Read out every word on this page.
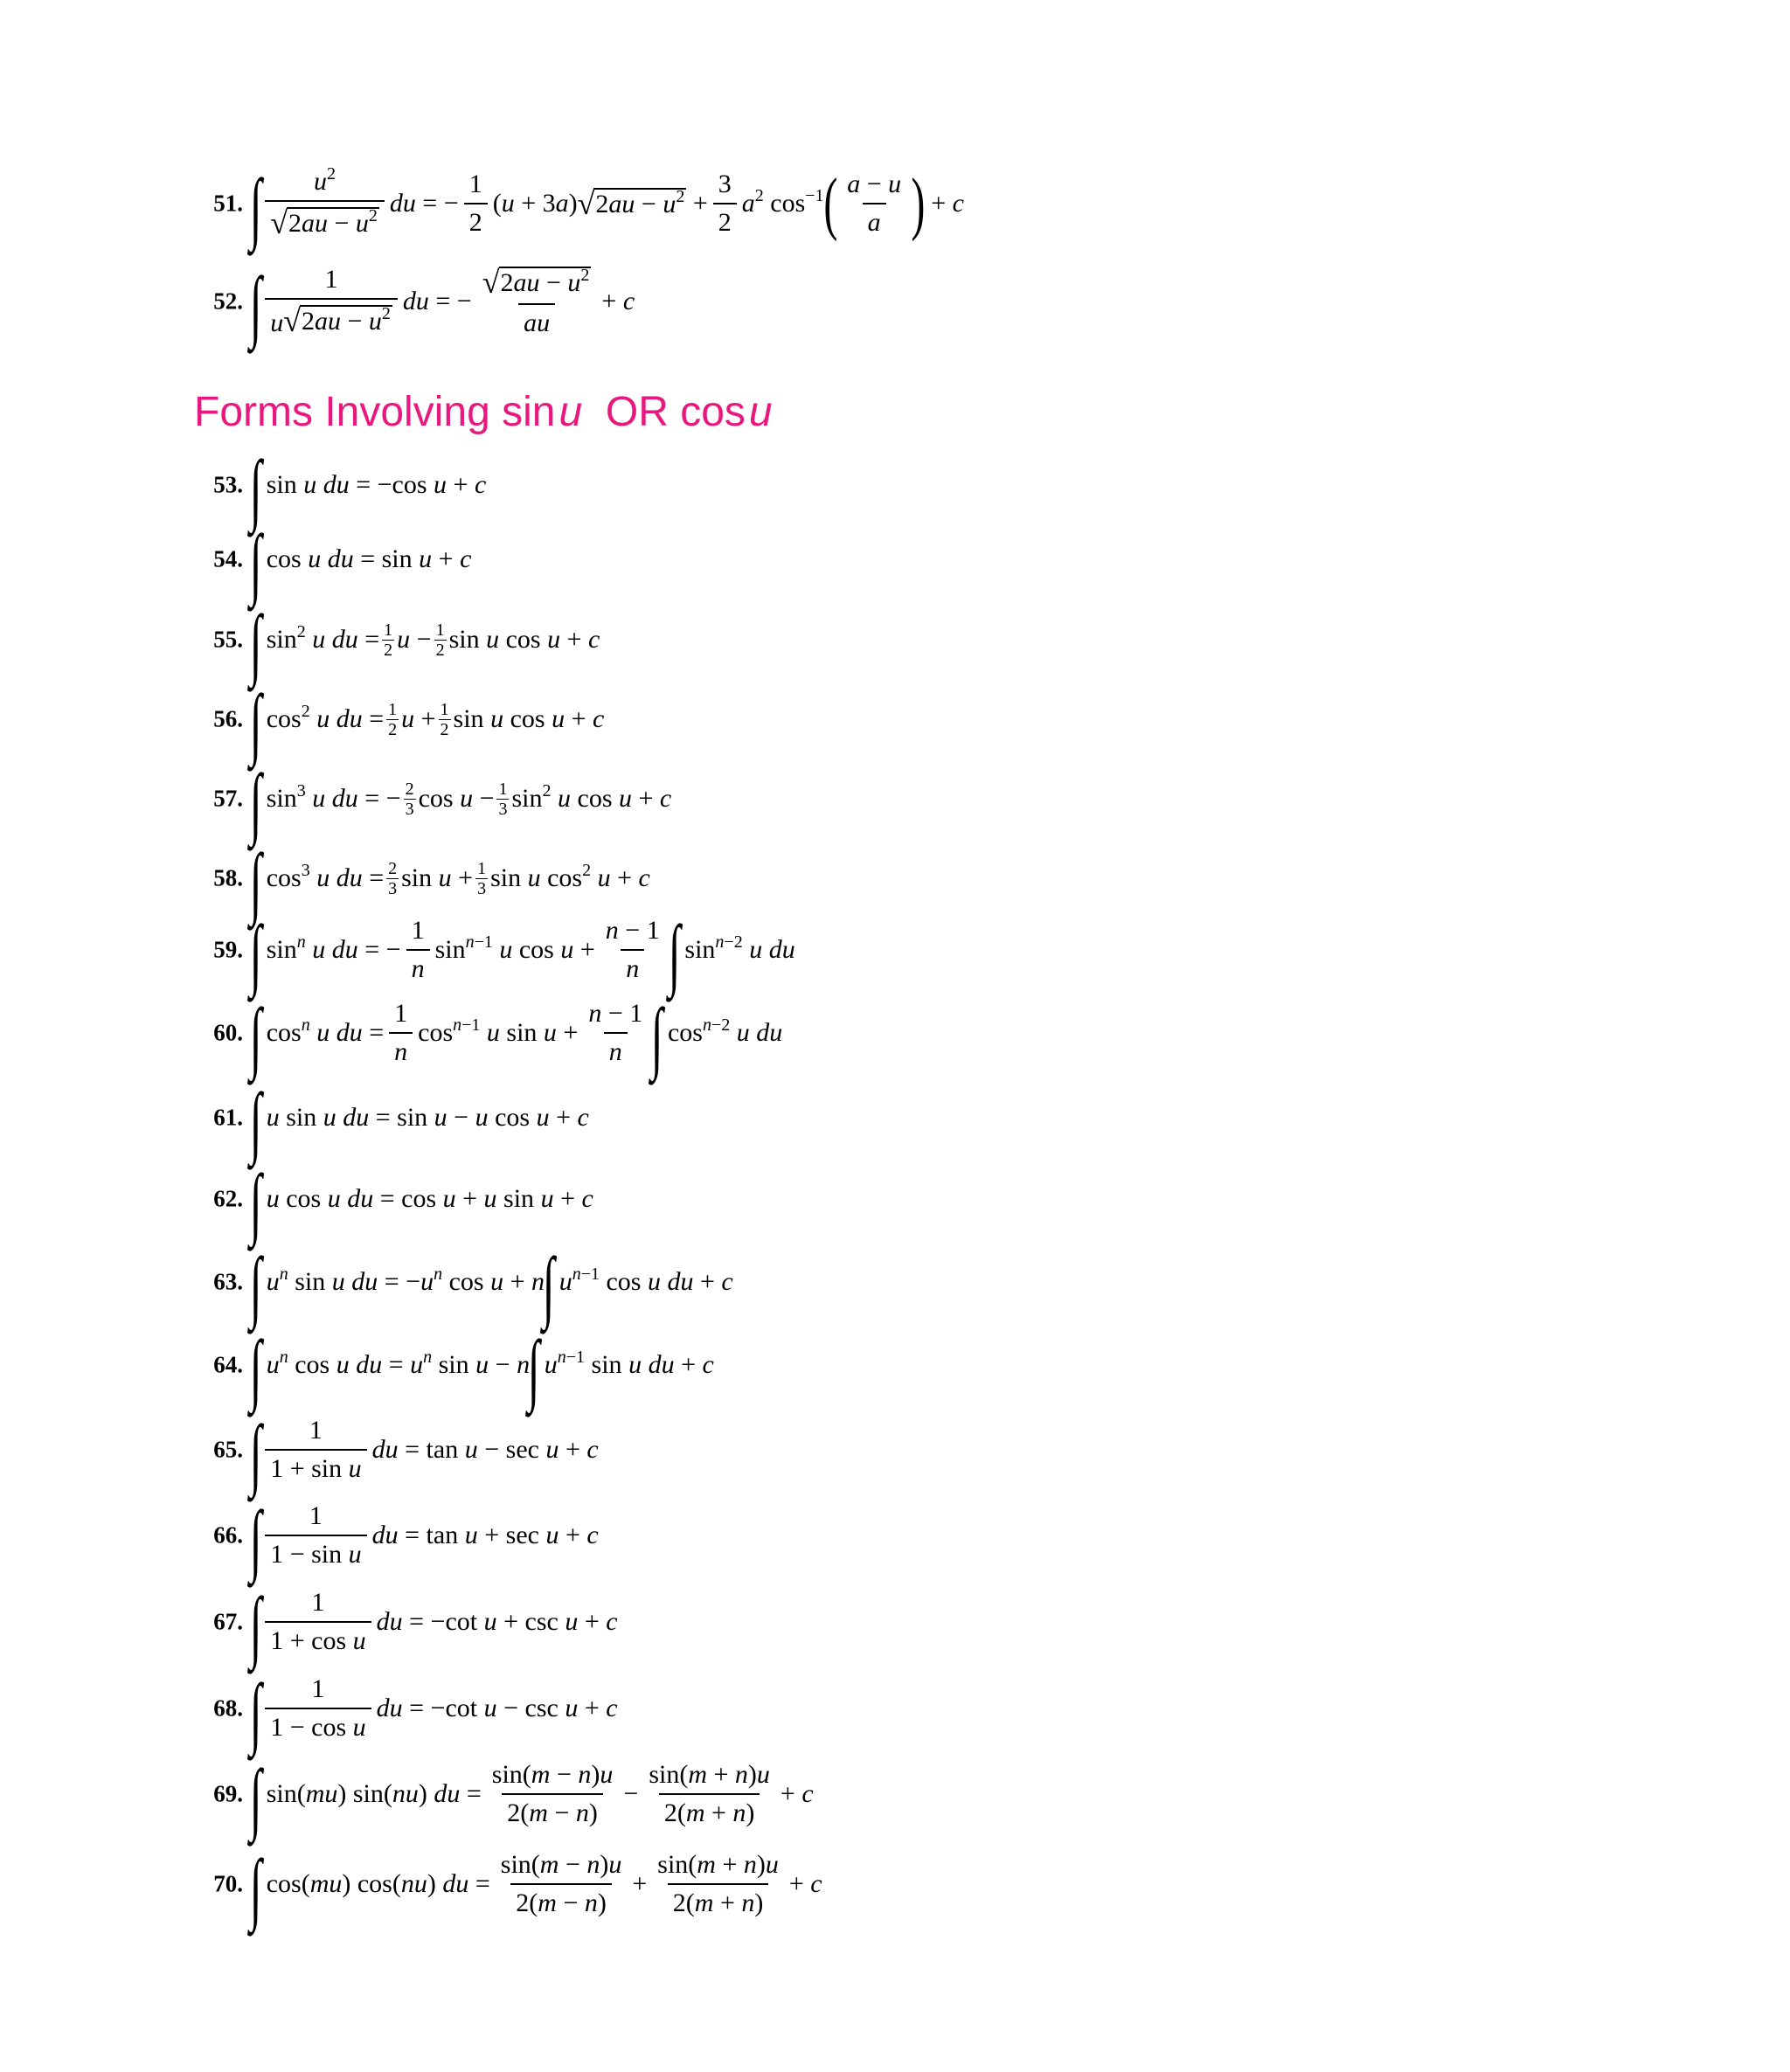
51. ∫ $\frac{u^2}{√ 2au - u^2}$ du = − $\frac{1}{2} (u + 3a)$ √ $2au - u^2 + \frac{3}{2} a^2$ $\cos^{-1}$ ( $\frac{a - u}{a}$ ) + c
52. ∫ $\frac{1}{u √ 2au - u^2}$ du = − $\frac{√ 2au - u^2}{au} + c$
Forms Involving sin u OR cos u
53. ∫
sin u du = −cos u + c
54. ∫
cos u du = sin u + c
55. ∫
$\sin^2 u$ du = $\frac{1}{2}$ $u - \frac{1}{2}$ sin u cos u + c
56. ∫
$\cos^2 u$ du = $\frac{1}{2}$ $u + \frac{1}{2}$ sin u cos u + c
57. ∫
$\sin^3 u$ du = − $\frac{2}{3}$ $\cos u - \frac{1}{3} \sin^2 u$ cos u + c
58. ∫
$\cos^3 u$ du = $\frac{2}{3}$ $\sin u + \frac{1}{3}$ sin u $\cos^2 u + c$
59. ∫
$\sin^n u$ du = − $\frac{1}{n} \sin^{n-1} u$ $\cos u + \frac{n - 1}{n}$ ∫
$\sin^{n-2} u$ du
60. ∫
$\cos^n u$ du = $\frac{1}{n} \cos^{n-1} u$ $\sin u + \frac{n - 1}{n}$ ∫
$\cos^{n-2} u$ du
61. ∫ u sin u du = sin u − u cos u + c
62. ∫ u cos u du = cos u + u sin u + c
63. ∫ $u^n$ sin u du = $-u^n$ cos u + n
∫ $u^{n-1}$ cos u du + c
64. ∫ $u^n$ cos u du = $u^n$ sin u − n
∫ $u^{n-1}$ sin u du + c
65. ∫ $\frac{1}{\text{1 + sin u}}$ du = tan u − sec u + c
66. ∫ $\frac{1}{\text{1 − sin u}}$ du = tan u + sec u + c
67. ∫ $\frac{1}{\text{1 + cos u}}$ du = −cot u + csc u + c
68. ∫ $\frac{1}{\text{1 − cos u}}$ du = −cot u − csc u + c
69. ∫
sin(mu) sin(nu) du = $\frac{\sin(m - n)u}{2(m - n)} - \frac{\sin(m + n)u}{2(m + n)} + c$
70. ∫
cos(mu) cos(nu) du = $\frac{\sin(m - n)u}{2(m - n)} + \frac{\sin(m + n)u}{2(m + n)} + c$
